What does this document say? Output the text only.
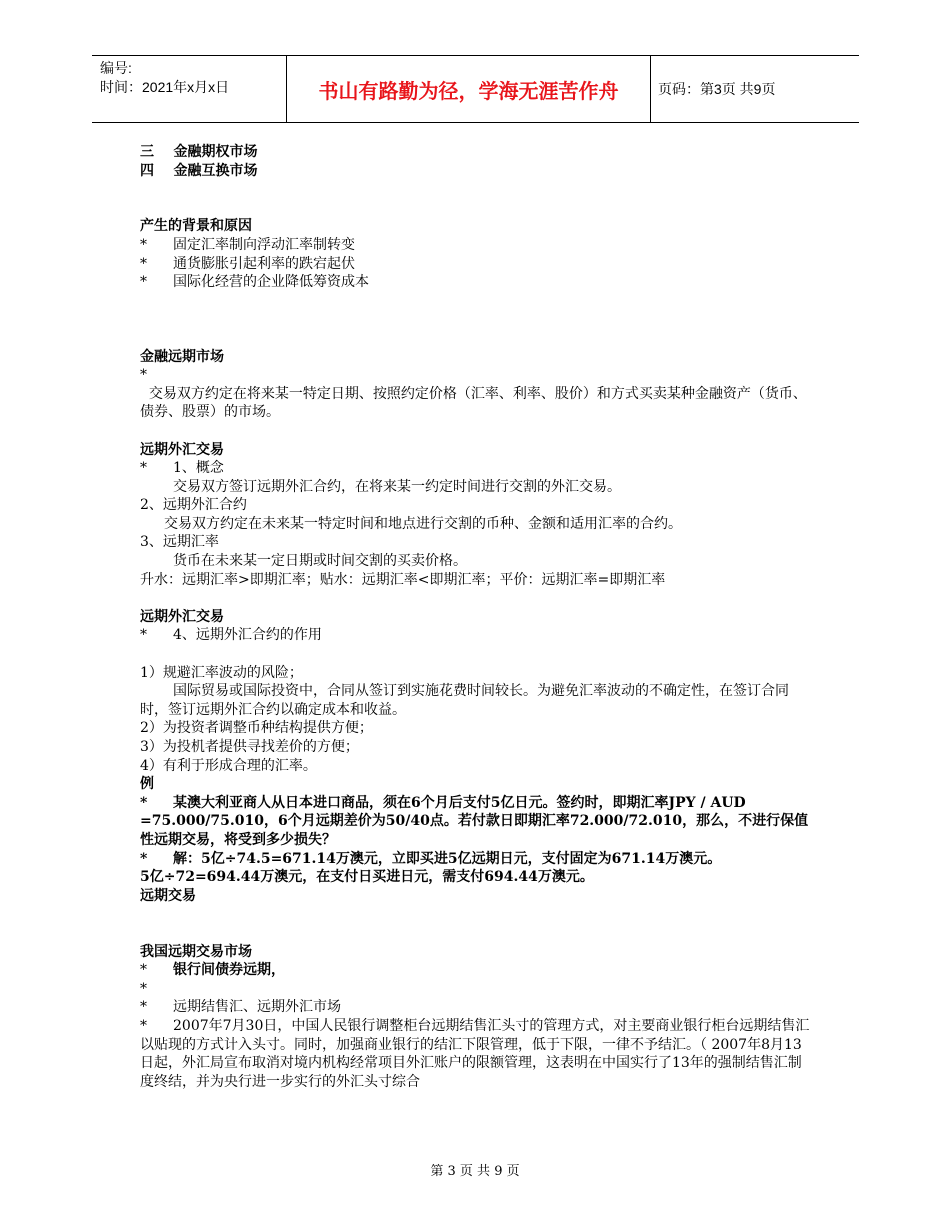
编号:
时间：2021年x月x日	书山有路勤为径，学海无涯苦作舟	页码：第3页 共9页
三    金融期权市场
四    金融互换市场
产生的背景和原因
* 固定汇率制向浮动汇率制转变
* 通货膨胀引起利率的跌宕起伏
* 国际化经营的企业降低筹资成本
金融远期市场
*
交易双方约定在将来某一特定日期、按照约定价格（汇率、利率、股价）和方式买卖某种金融资产（货币、债券、股票）的市场。
远期外汇交易
* 1、概念
交易双方签订远期外汇合约，在将来某一约定时间进行交割的外汇交易。
2、远期外汇合约
交易双方约定在未来某一特定时间和地点进行交割的币种、金额和适用汇率的合约。
3、远期汇率
货币在未来某一定日期或时间交割的买卖价格。
升水：远期汇率>即期汇率；贴水：远期汇率<即期汇率；平价：远期汇率=即期汇率
远期外汇交易
* 4、远期外汇合约的作用
1）规避汇率波动的风险；
国际贸易或国际投资中，合同从签订到实施花费时间较长。为避免汇率波动的不确定性，在签订合同时，签订远期外汇合约以确定成本和收益。
2）为投资者调整币种结构提供方便；
3）为投机者提供寻找差价的方便；
4）有利于形成合理的汇率。
例
* 某澳大利亚商人从日本进口商品，须在6个月后支付5亿日元。签约时，即期汇率JPY / AUD =75.000/75.010，6个月远期差价为50/40点。若付款日即期汇率72.000/72.010，那么，不进行保值性远期交易，将受到多少损失？
* 解：5亿÷74.5=671.14万澳元，立即买进5亿远期日元，支付固定为671.14万澳元。
5亿÷72=694.44万澳元，在支付日买进日元，需支付694.44万澳元。
远期交易
我国远期交易市场
* 银行间债券远期，
*
* 远期结售汇、远期外汇市场
* 2007年7月30日，中国人民银行调整柜台远期结售汇头寸的管理方式，对主要商业银行柜台远期结售汇以贴现的方式计入头寸。同时，加强商业银行的结汇下限管理，低于下限，一律不予结汇。（ 2007年8月13日起，外汇局宣布取消对境内机构经常项目外汇账户的限额管理，这表明在中国实行了13年的强制结售汇制度终结，并为央行进一步实行的外汇头寸综合
第 3 页 共 9 页
